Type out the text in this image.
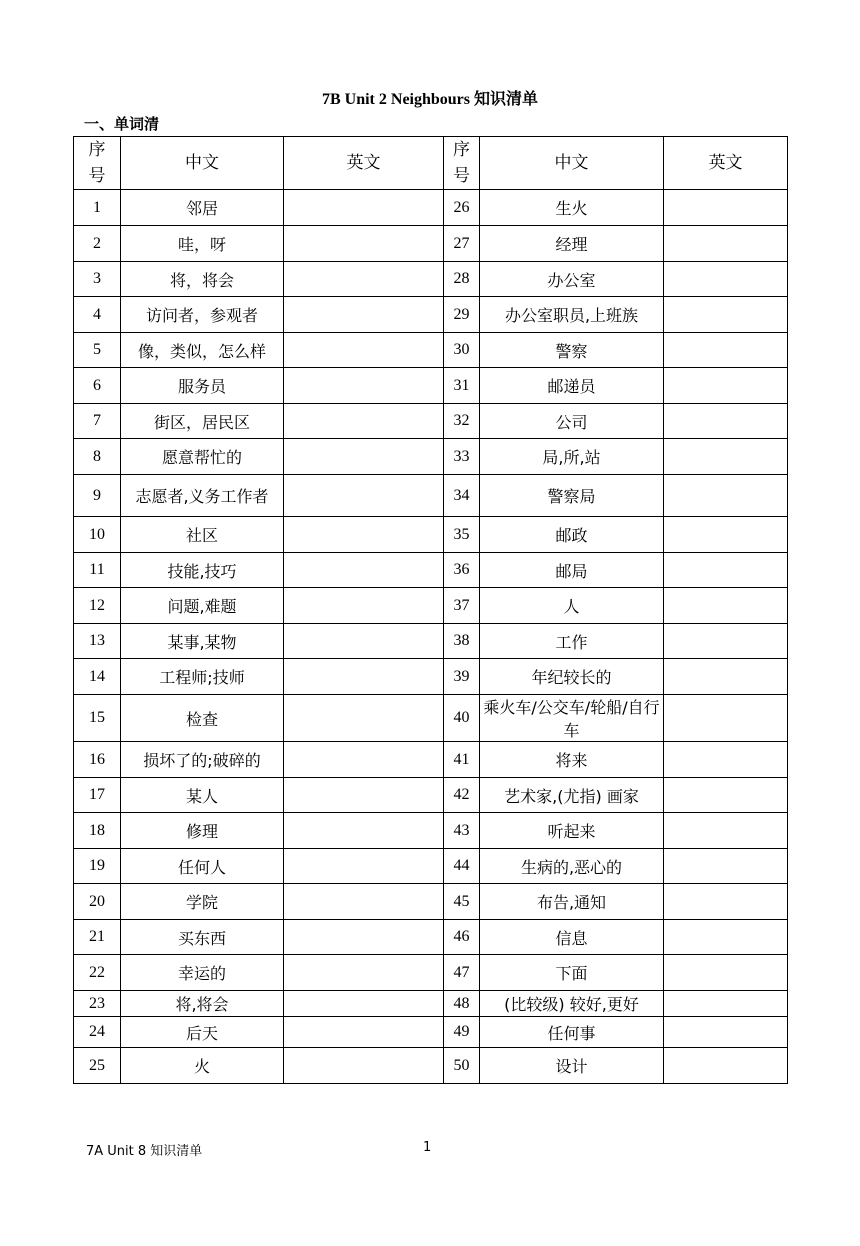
7B Unit 2 Neighbours 知识清单
一、单词清
序号	中文	英文	序号	中文	英文
1	邻居		26	生火	
2	哇，呀		27	经理	
3	将，将会		28	办公室	
4	访问者，参观者		29	办公室职员,上班族	
5	像，类似，怎么样		30	警察	
6	服务员		31	邮递员	
7	街区，居民区		32	公司	
8	愿意帮忙的		33	局,所,站	
9	志愿者,义务工作者		34	警察局	
10	社区		35	邮政	
11	技能,技巧		36	邮局	
12	问题,难题		37	人	
13	某事,某物		38	工作	
14	工程师;技师		39	年纪较长的	
15	检查		40	乘火车/公交车/轮船/自行车	
16	损坏了的;破碎的		41	将来	
17	某人		42	艺术家,(尤指) 画家	
18	修理		43	听起来	
19	任何人		44	生病的,恶心的	
20	学院		45	布告,通知	
21	买东西		46	信息	
22	幸运的		47	下面	
23	将,将会		48	(比较级) 较好,更好	
24	后天		49	任何事	
25	火		50	设计	
7A Unit 8 知识清单	1
